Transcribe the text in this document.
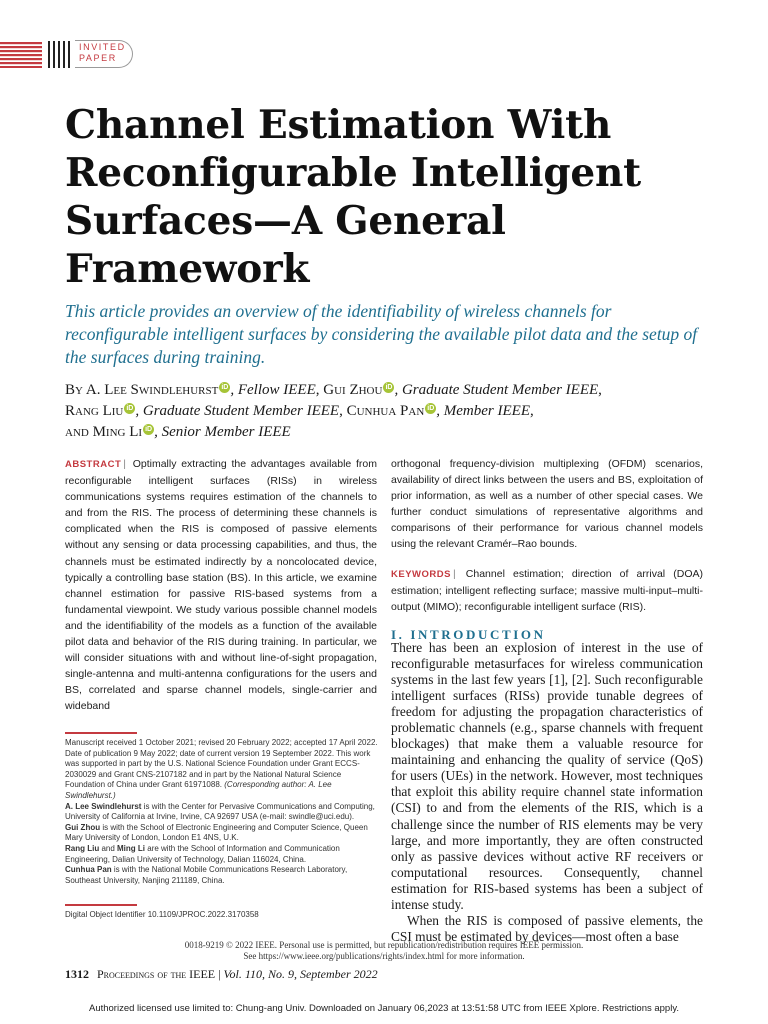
INVITED
PAPER
Channel Estimation With Reconfigurable Intelligent Surfaces—A General Framework
This article provides an overview of the identifiability of wireless channels for reconfigurable intelligent surfaces by considering the available pilot data and the setup of the surfaces during training.
By A. Lee Swindlehurst iD , Fellow IEEE, Gui Zhou iD , Graduate Student Member IEEE,
Rang Liu iD , Graduate Student Member IEEE, Cunhua Pan iD , Member IEEE,
and Ming Li iD , Senior Member IEEE
ABSTRACT | Optimally extracting the advantages available from reconfigurable intelligent surfaces (RISs) in wireless communications systems requires estimation of the channels to and from the RIS. The process of determining these channels is complicated when the RIS is composed of passive elements without any sensing or data processing capabilities, and thus, the channels must be estimated indirectly by a noncolocated device, typically a controlling base station (BS). In this article, we examine channel estimation for passive RIS-based systems from a fundamental viewpoint. We study various possible channel models and the identifiability of the models as a function of the available pilot data and behavior of the RIS during training. In particular, we will consider situations with and without line-of-sight propagation, single-antenna and multi-antenna configurations for the users and BS, correlated and sparse channel models, single-carrier and wideband
orthogonal frequency-division multiplexing (OFDM) scenarios, availability of direct links between the users and BS, exploitation of prior information, as well as a number of other special cases. We further conduct simulations of representative algorithms and comparisons of their performance for various channel models using the relevant Cramér–Rao bounds.
KEYWORDS | Channel estimation; direction of arrival (DOA) estimation; intelligent reflecting surface; massive multi-input–multi-output (MIMO); reconfigurable intelligent surface (RIS).

Manuscript received 1 October 2021; revised 20 February 2022; accepted 17 April 2022. Date of publication 9 May 2022; date of current version 19 September 2022. This work was supported in part by the U.S. National Science Foundation under Grant ECCS-2030029 and Grant CNS-2107182 and in part by the National Natural Science Foundation of China under Grant 61971088. (Corresponding author: A. Lee Swindlehurst.)

A. Lee Swindlehurst is with the Center for Pervasive Communications and Computing, University of California at Irvine, Irvine, CA 92697 USA (e-mail: swindle@uci.edu).

Gui Zhou is with the School of Electronic Engineering and Computer Science, Queen Mary University of London, London E1 4NS, U.K.

Rang Liu and Ming Li are with the School of Information and Communication Engineering, Dalian University of Technology, Dalian 116024, China.

Cunhua Pan is with the National Mobile Communications Research Laboratory, Southeast University, Nanjing 211189, China.

Digital Object Identifier 10.1109/JPROC.2022.3170358
I. INTRODUCTION

There has been an explosion of interest in the use of reconfigurable metasurfaces for wireless communication systems in the last few years [1], [2]. Such reconfigurable intelligent surfaces (RISs) provide tunable degrees of freedom for adjusting the propagation characteristics of problematic channels (e.g., sparse channels with frequent blockages) that make them a valuable resource for maintaining and enhancing the quality of service (QoS) for users (UEs) in the network. However, most techniques that exploit this ability require channel state information (CSI) to and from the elements of the RIS, which is a challenge since the number of RIS elements may be very large, and more importantly, they are often constructed only as passive devices without active RF receivers or computational resources. Consequently, channel estimation for RIS-based systems has been a subject of intense study.

When the RIS is composed of passive elements, the CSI must be estimated by devices—most often a base

0018-9219 © 2022 IEEE. Personal use is permitted, but republication/redistribution requires IEEE permission.
See https://www.ieee.org/publications/rights/index.html for more information.
1312 Proceedings of the IEEE | Vol. 110, No. 9, September 2022
Authorized licensed use limited to: Chung-ang Univ. Downloaded on January 06,2023 at 13:51:58 UTC from IEEE Xplore. Restrictions apply.
